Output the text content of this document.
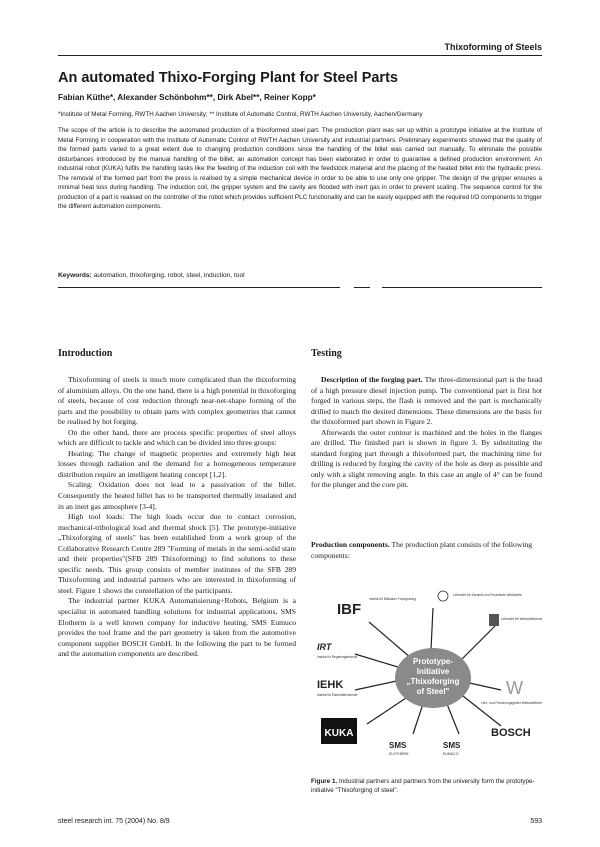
Thixoforming of Steels
An automated Thixo-Forging Plant for Steel Parts
Fabian Küthe*, Alexander Schönbohm**, Dirk Abel**, Reiner Kopp*
*Institute of Metal Forming, RWTH Aachen University; ** Institute of Automatic Control, RWTH Aachen University, Aachen/Germany
The scope of the article is to describe the automated production of a thixoformed steel part. The production plant was set up within a prototype initiative at the Institute of Metal Forming in cooperation with the Institute of Automatic Control of RWTH Aachen University and industrial partners. Preliminary experiments showed that the quality of the formed parts varied to a great extent due to changing production conditions since the handling of the billet was carried out manually. To eliminate the possible disturbances introduced by the manual handling of the billet, an automation concept has been elaborated in order to guarantee a defined production environment. An industrial robot (KUKA) fulfils the handling tasks like the feeding of the induction coil with the feedstock material and the placing of the heated billet into the hydraulic press. The removal of the formed part from the press is realised by a simple mechanical device in order to be able to use only one gripper. The design of the gripper ensures a minimal heat loss during handling. The induction coil, the gripper system and the cavity are flooded with inert gas in order to prevent scaling. The sequence control for the production of a part is realised on the controller of the robot which provides sufficient PLC functionality and can be easily equipped with the required I/O components to trigger the different automation components.
Keywords: automation, thixoforging, robot, steel, induction, tool
Introduction	Testing

Thixoforming of steels is much more complicated than the thixoforming of aluminium alloys. On the one hand, there is a high potential in thixoforging of steels, because of cost reduction through near-net-shape forming of the parts and the possibility to obtain parts with complex geometries that cannot be realised by hot forging.

On the other hand, there are process specific properties of steel alloys which are difficult to tackle and which can be divided into three groups:

Heating: The change of magnetic properties and extremely high heat losses through radiation and the demand for a homogeneous temperature distribution require an intelligent heating concept [1,2].

Scaling: Oxidation does not lead to a passivation of the billet. Consequently the heated billet has to be transported thermally insulated and in an inert gas atmosphere [3-4].

High tool loads: The high loads occur due to contact corrosion, mechanical-tribological load and thermal shock [5]. The prototype-initiative „Thixoforging of steels" has been established from a work group of the Collaborative Research Centre 289 "Forming of metals in the semi-solid state and their properties"(SFB 289 Thixoforming) to find solutions to these specific needs. This group consists of member institutes of the SFB 289 Thixoforming and industrial partners who are interested in thixoforming of steel. Figure 1 shows the constellation of the participants.

The industrial partner KUKA Automatisierung+Robots, Belgium is a specialist in automated handling solutions for industrial applications, SMS Elotherm is a well known company for inductive heating, SMS Eumuco provides the tool frame and the part geometry is taken from the automotive component supplier BOSCH GmbH. In the following the part to be formed and the automation components are described.

Description of the forging part. The three-dimensional part is the head of a high pressure diesel injection pump. The conventional part is first hot forged in various steps, the flash is removed and the part is mechanically drilled to match the desired dimensions. These dimensions are the basis for the thixoformed part shown in Figure 2.

Afterwards the outer contour is machined and the holes in the flanges are drilled. The finished part is shown in figure 3. By substituting the standard forging part through a thixoformed part, the machining time for drilling is reduced by forging the cavity of the hole as deep as possible and only with a slight removing angle. In this case an angle of 4° can be found for the plunger and the core pin.

Production components. The production plant consists of the following components:
Prototype-
Initiative
„Thixoforging
of Steel"
IBF
Institut für Bildsame Formgebung
Lehrstuhl für Keramik und Feuerfeste Werkstoffe
IRT
Institut für Regelungstechnik
Lehrstuhl für Werkstoffchemie
IEHK
Institut für Eisenhüttenkunde	W
Lehr- und Forschungsgebiet Werkstofftechnik
KUKA
SMS
ELOTHERM
SMS
EUMUCO
BOSCH
Figure 1. Industrial partners and partners from the university form the prototype- initiative "Thixoforging of steel".
steel research int. 75 (2004) No. 8/9	593
